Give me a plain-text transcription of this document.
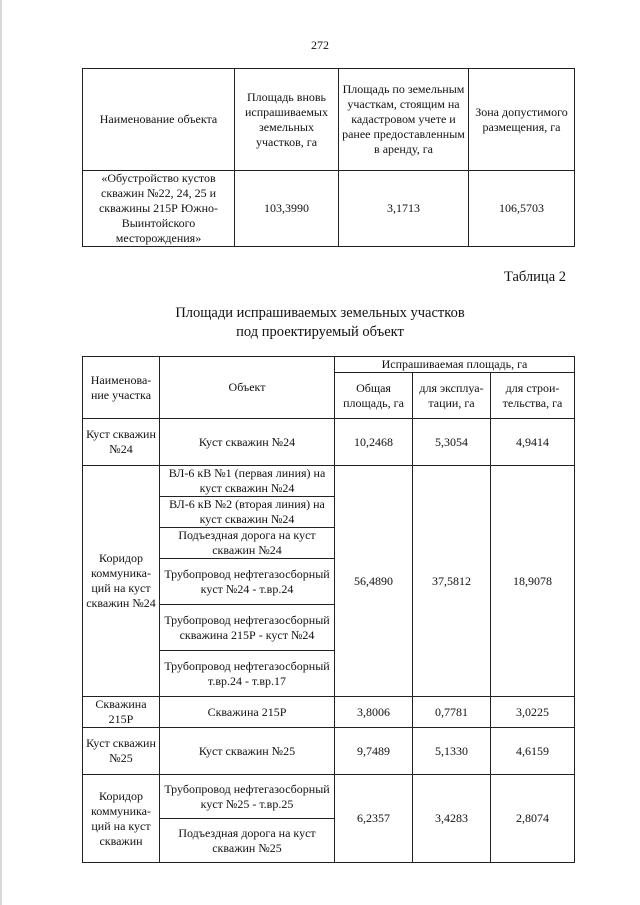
272
Наименование объекта	Площадь вновь испрашиваемых земельных участков, га	Площадь по земельным участкам, стоящим на кадастровом учете и ранее предоставленным в аренду, га	Зона допустимого размещения, га
«Обустройство кустов скважин №22, 24, 25 и скважины 215Р Южно-Выинтойского месторождения»	103,3990	3,1713	106,5703
Таблица 2
Площади испрашиваемых земельных участков
под проектируемый объект
Наименова-ние участка	Объект	Испрашиваемая площадь, га		
		Общая площадь, га	для эксплуа-тации, га	для строи-тельства, га
Куст скважин №24	Куст скважин №24	10,2468	5,3054	4,9414
Коридор коммуника-ций на куст скважин №24	ВЛ-6 кВ №1 (первая линия) на куст скважин №24	56,4890	37,5812	18,9078
	ВЛ-6 кВ №2 (вторая линия) на куст скважин №24			
	Подъездная дорога на куст скважин №24			
	Трубопровод нефтегазосборный куст №24 - т.вр.24			
	Трубопровод нефтегазосборный скважина 215Р - куст №24			
	Трубопровод нефтегазосборный т.вр.24 - т.вр.17			
Скважина 215Р	Скважина 215Р	3,8006	0,7781	3,0225
Куст скважин №25	Куст скважин №25	9,7489	5,1330	4,6159
Коридор коммуника-ций на куст скважин	Трубопровод нефтегазосборный куст №25 - т.вр.25	6,2357	3,4283	2,8074
	Подъездная дорога на куст скважин №25			
